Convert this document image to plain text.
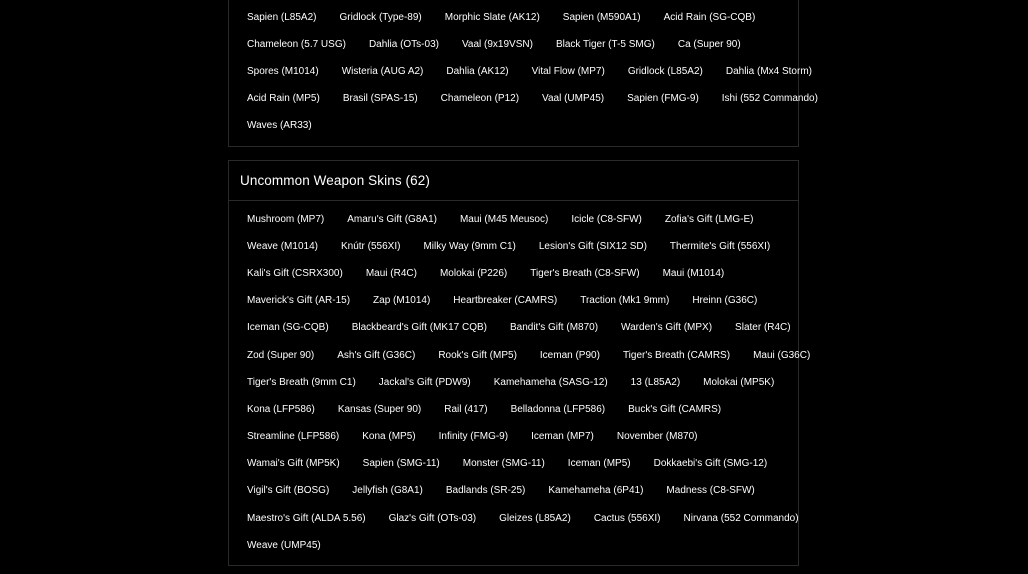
Sapien (L85A2)	Gridlock (Type-89)	Morphic Slate (AK12)	Sapien (M590A1)	Acid Rain (SG-CQB)
Chameleon (5.7 USG)	Dahlia (OTs-03)	Vaal (9x19VSN)	Black Tiger (T-5 SMG)	Ca (Super 90)
Spores (M1014)	Wisteria (AUG A2)	Dahlia (AK12)	Vital Flow (MP7)	Gridlock (L85A2)	Dahlia (Mx4 Storm)
Acid Rain (MP5)	Brasil (SPAS-15)	Chameleon (P12)	Vaal (UMP45)	Sapien (FMG-9)	Ishi (552 Commando)
Waves (AR33)
Uncommon Weapon Skins (62)
Mushroom (MP7)	Amaru's Gift (G8A1)	Maui (M45 Meusoc)	Icicle (C8-SFW)	Zofia's Gift (LMG-E)
Weave (M1014)	Knútr (556XI)	Milky Way (9mm C1)	Lesion's Gift (SIX12 SD)	Thermite's Gift (556XI)
Kali's Gift (CSRX300)	Maui (R4C)	Molokai (P226)	Tiger's Breath (C8-SFW)	Maui (M1014)
Maverick's Gift (AR-15)	Zap (M1014)	Heartbreaker (CAMRS)	Traction (Mk1 9mm)	Hreinn (G36C)
Iceman (SG-CQB)	Blackbeard's Gift (MK17 CQB)	Bandit's Gift (M870)	Warden's Gift (MPX)	Slater (R4C)
Zod (Super 90)	Ash's Gift (G36C)	Rook's Gift (MP5)	Iceman (P90)	Tiger's Breath (CAMRS)	Maui (G36C)
Tiger's Breath (9mm C1)	Jackal's Gift (PDW9)	Kamehameha (SASG-12)	13 (L85A2)	Molokai (MP5K)
Kona (LFP586)	Kansas (Super 90)	Rail (417)	Belladonna (LFP586)	Buck's Gift (CAMRS)
Streamline (LFP586)	Kona (MP5)	Infinity (FMG-9)	Iceman (MP7)	November (M870)
Wamai's Gift (MP5K)	Sapien (SMG-11)	Monster (SMG-11)	Iceman (MP5)	Dokkaebi's Gift (SMG-12)
Vigil's Gift (BOSG)	Jellyfish (G8A1)	Badlands (SR-25)	Kamehameha (6P41)	Madness (C8-SFW)
Maestro's Gift (ALDA 5.56)	Glaz's Gift (OTs-03)	Gleizes (L85A2)	Cactus (556XI)	Nirvana (552 Commando)
Weave (UMP45)
